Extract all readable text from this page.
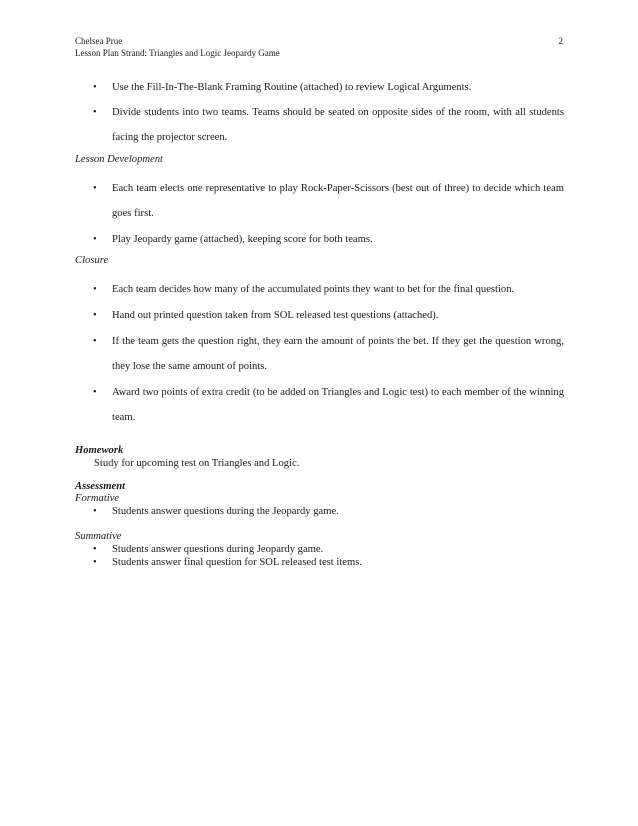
Chelsea Prue
Lesson Plan Strand: Triangles and Logic Jeopardy Game
2
• Use the Fill-In-The-Blank Framing Routine (attached) to review Logical Arguments.
• Divide students into two teams. Teams should be seated on opposite sides of the room, with all students facing the projector screen.
Lesson Development
• Each team elects one representative to play Rock-Paper-Scissors (best out of three) to decide which team goes first.
• Play Jeopardy game (attached), keeping score for both teams.
Closure
• Each team decides how many of the accumulated points they want to bet for the final question.
• Hand out printed question taken from SOL released test questions (attached).
• If the team gets the question right, they earn the amount of points the bet. If they get the question wrong, they lose the same amount of points.
• Award two points of extra credit (to be added on Triangles and Logic test) to each member of the winning team.
Homework
Study for upcoming test on Triangles and Logic.
Assessment
Formative
• Students answer questions during the Jeopardy game.
Summative
• Students answer questions during Jeopardy game.
• Students answer final question for SOL released test items.
